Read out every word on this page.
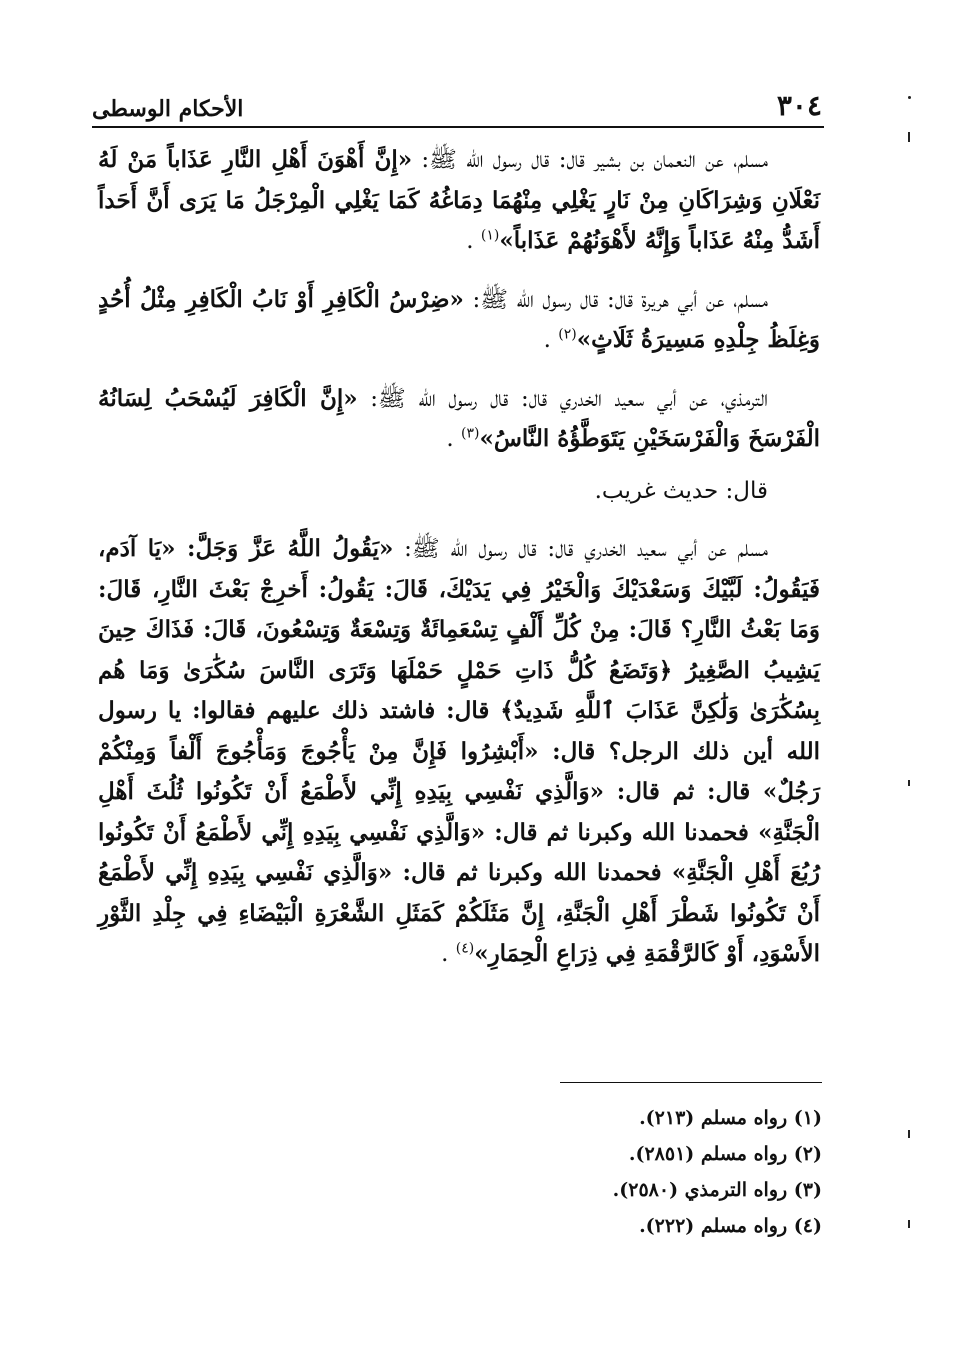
٣٠٤
الأحكام الوسطى

مسلم، عن النعمان بن بشير قال: قال رسول الله ﷺ: «إِنَّ أَهْوَنَ أَهْلِ النَّارِ عَذَاباً مَنْ لَهُ نَعْلَانِ وَشِرَاكَانِ مِنْ نَارٍ يَغْلِي مِنْهُمَا دِمَاغُهُ كَمَا يَغْلِي الْمِرْجَلُ مَا يَرَى أَنَّ أَحَداً أَشَدُّ مِنْهُ عَذَاباً وَإِنَّهُ لأَهْوَنُهُمْ عَذَاباً»$^{(١)}$ .

مسلم، عن أبي هريرة قال: قال رسول الله ﷺ: «ضِرْسُ الْكَافِرِ أَوْ نَابُ الْكَافِرِ مِثْلُ أُحُدٍ وَغِلَظُ جِلْدِهِ مَسِيرَةُ ثَلَاثٍ»$^{(٢)}$ .

الترمذي، عن أبي سعيد الخدري قال: قال رسول الله ﷺ: «إِنَّ الْكَافِرَ لَيُسْحَبُ لِسَانُهُ الْفَرْسَخَ وَالْفَرْسَخَيْنِ يَتَوَطَّؤُهُ النَّاسُ»$^{(٣)}$ .

قال: حديث غريب.

مسلم عن أبي سعيد الخدري قال: قال رسول الله ﷺ: «يَقُولُ اللَّهُ عَزَّ وَجَلَّ: «يَا آدَم، فَيَقُولُ: لَبَّيْكَ وَسَعْدَيْكَ وَالْخَيْرُ فِي يَدَيْكَ، قَالَ: يَقُولُ: أَخرِجْ بَعْثَ النَّارِ، قَالَ: وَمَا بَعْثُ النَّارِ؟ قَالَ: مِنْ كُلِّ أَلْفٍ تِسْعَمِائَةٌ وَتِسْعَةٌ وَتِسْعُونَ، قَالَ: فَذَاكَ حِينَ يَشِيبُ الصَّغِيرُ ﴿وَتَضَعُ كُلُّ ذَاتِ حَمْلٍ حَمْلَهَا وَتَرَى النَّاسَ سُكَٰرَىٰ وَمَا هُم بِسُكَٰرَىٰ وَلَٰكِنَّ عَذَابَ ٱللَّهِ شَدِيدٌ﴾ قال: فاشتد ذلك عليهم فقالوا: يا رسول الله أين ذلك الرجل؟ قال: «أَبْشِرُوا فَإِنَّ مِنْ يَأْجُوجَ وَمَأْجُوجَ أَلْفاً وَمِنْكُمْ رَجُلٌ» قال: ثم قال: «وَالَّذِي نَفْسِي بِيَدِهِ إِنِّي لأَطْمَعُ أَنْ تَكُونُوا ثُلُثَ أَهْلِ الْجَنَّةِ» فحمدنا الله وكبرنا ثم قال: «وَالَّذِي نَفْسِي بِيَدِهِ إِنِّي لأَطْمَعُ أَنْ تَكُونُوا رُبُعَ أَهْلِ الْجَنَّةِ» فحمدنا الله وكبرنا ثم قال: «وَالَّذِي نَفْسِي بِيَدِهِ إِنِّي لأَطْمَعُ أَنْ تَكُونُوا شَطْرَ أَهْلِ الْجَنَّةِ، إِنَّ مَثَلَكُمْ كَمَثَلِ الشَّعْرَةِ الْبَيْضَاءِ فِي جِلْدِ الثَّوْرِ الأَسْوَدِ، أَوْ كَالرَّقْمَةِ فِي ذِرَاعِ الْحِمَارِ»$^{(٤)}$ .

(١) رواه مسلم (٢١٣).

(٢) رواه مسلم (٢٨٥١).

(٣) رواه الترمذي (٢٥٨٠).

(٤) رواه مسلم (٢٢٢).
